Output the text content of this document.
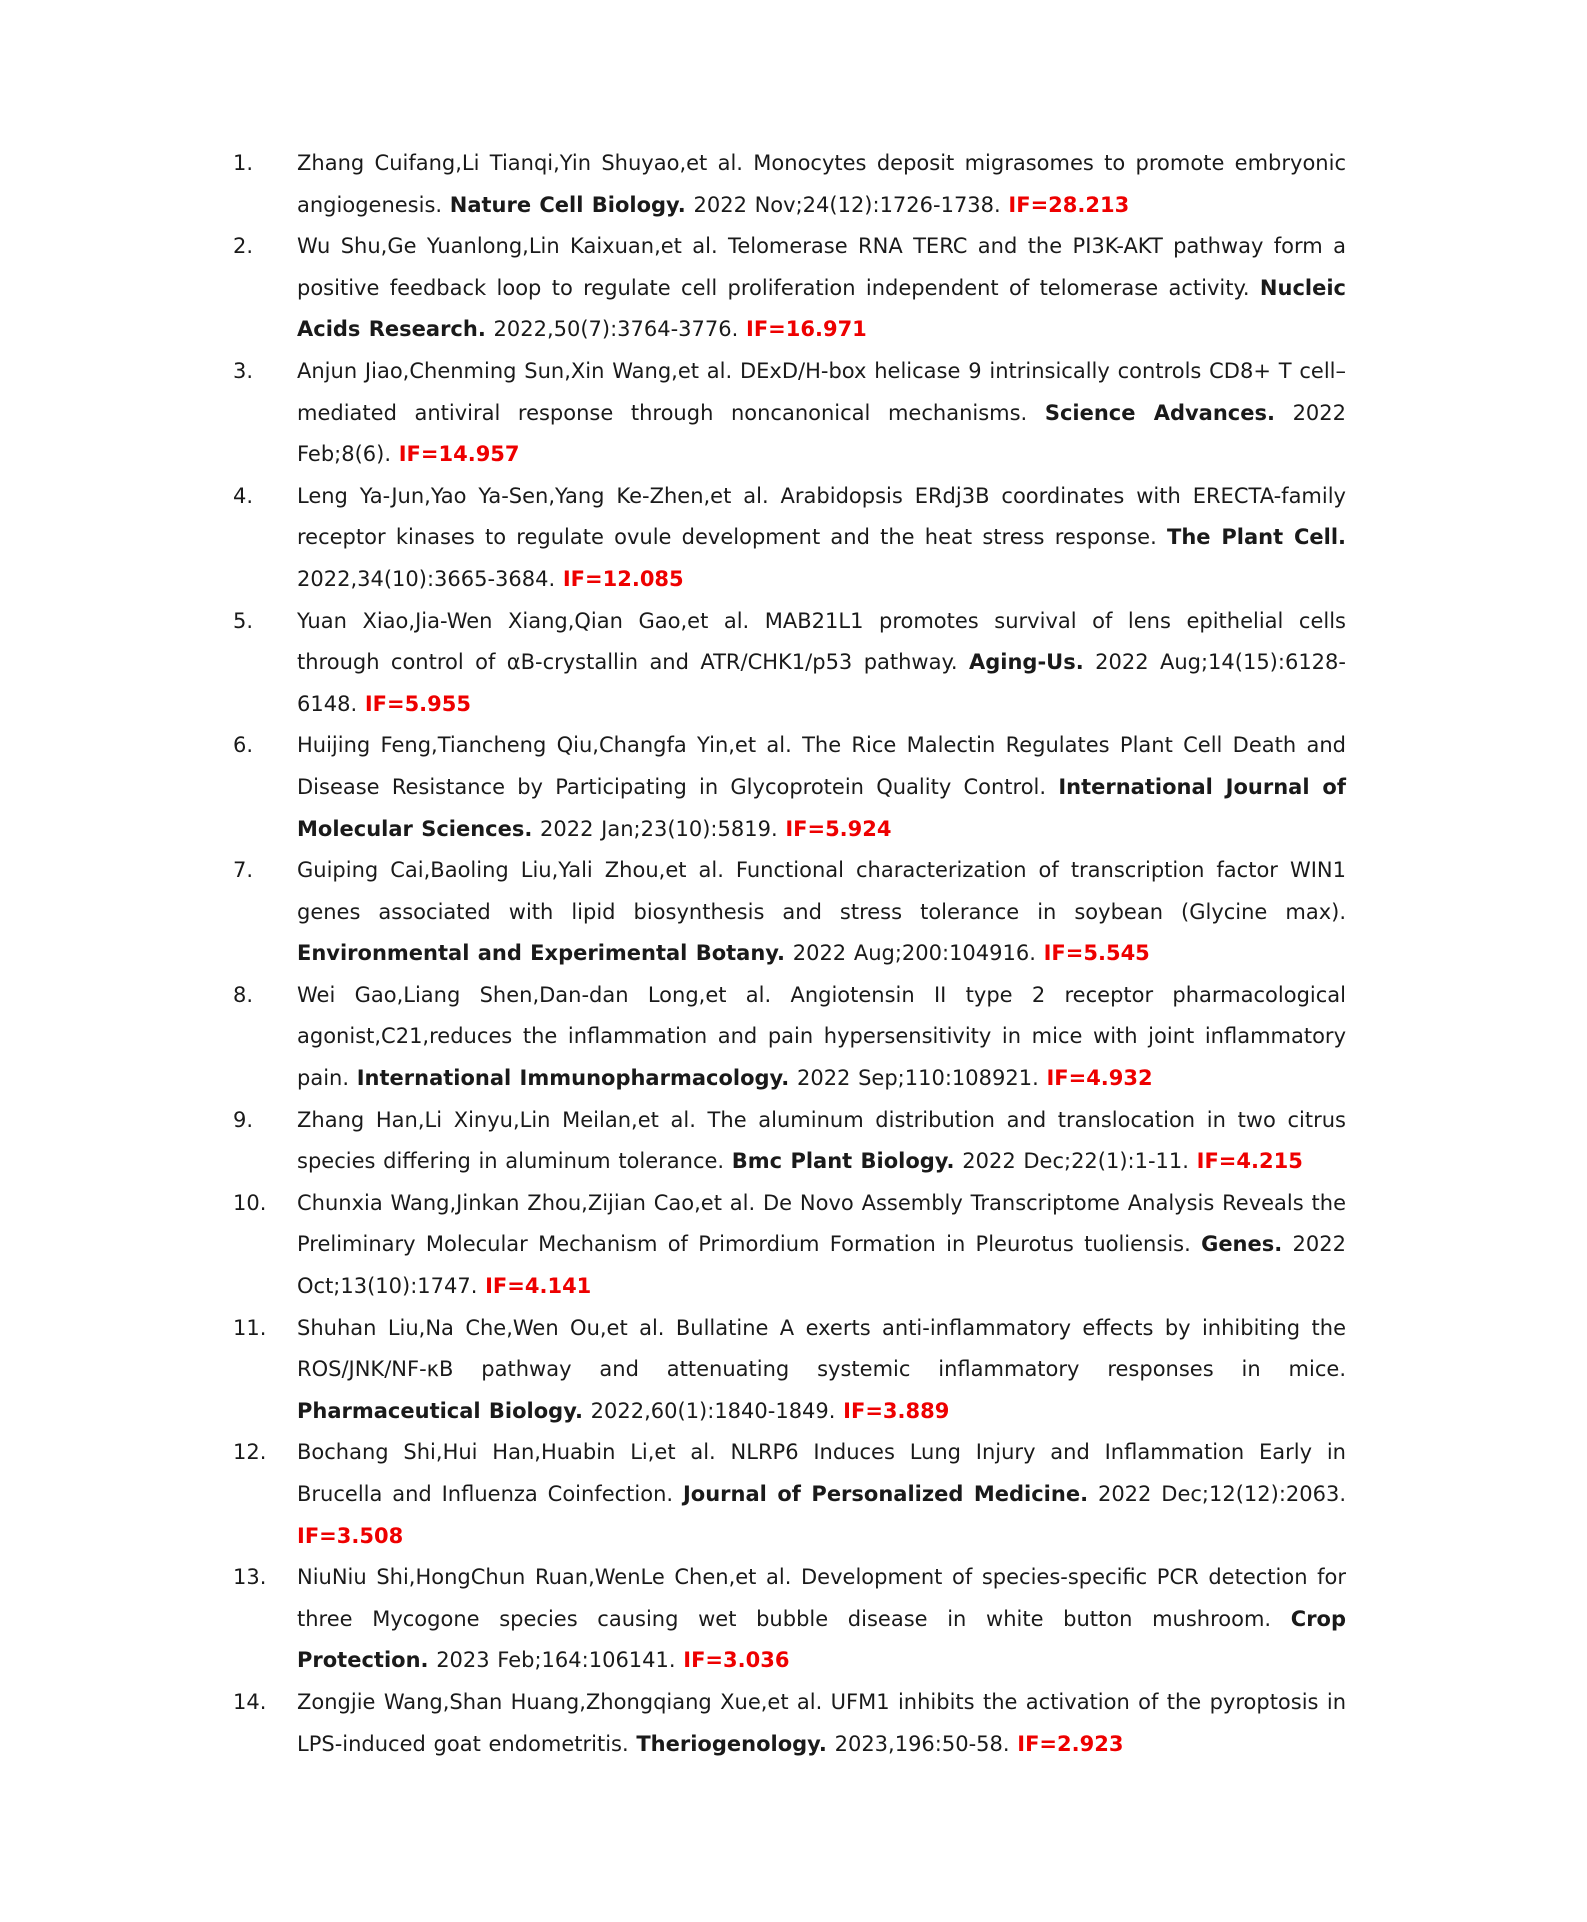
1.	Zhang Cuifang,Li Tianqi,Yin Shuyao,et al. Monocytes deposit migrasomes to promote embryonic angiogenesis. Nature Cell Biology. 2022 Nov;24(12):1726-1738. IF=28.213

2.	Wu Shu,Ge Yuanlong,Lin Kaixuan,et al. Telomerase RNA TERC and the PI3K-AKT pathway form a positive feedback loop to regulate cell proliferation independent of telomerase activity. Nucleic Acids Research. 2022,50(7):3764-3776. IF=16.971

3.	Anjun Jiao,Chenming Sun,Xin Wang,et al. DExD/H-box helicase 9 intrinsically controls CD8+ T cell–mediated antiviral response through noncanonical mechanisms. Science Advances. 2022 Feb;8(6). IF=14.957

4.	Leng Ya-Jun,Yao Ya-Sen,Yang Ke-Zhen,et al. Arabidopsis ERdj3B coordinates with ERECTA-family receptor kinases to regulate ovule development and the heat stress response. The Plant Cell. 2022,34(10):3665-3684. IF=12.085

5.	Yuan Xiao,Jia-Wen Xiang,Qian Gao,et al. MAB21L1 promotes survival of lens epithelial cells through control of αB-crystallin and ATR/CHK1/p53 pathway. Aging-Us. 2022 Aug;14(15):6128-6148. IF=5.955

6.	Huijing Feng,Tiancheng Qiu,Changfa Yin,et al. The Rice Malectin Regulates Plant Cell Death and Disease Resistance by Participating in Glycoprotein Quality Control. International Journal of Molecular Sciences. 2022 Jan;23(10):5819. IF=5.924

7.	Guiping Cai,Baoling Liu,Yali Zhou,et al. Functional characterization of transcription factor WIN1 genes associated with lipid biosynthesis and stress tolerance in soybean (Glycine max). Environmental and Experimental Botany. 2022 Aug;200:104916. IF=5.545

8.	Wei Gao,Liang Shen,Dan-dan Long,et al. Angiotensin II type 2 receptor pharmacological agonist,C21,reduces the inflammation and pain hypersensitivity in mice with joint inflammatory pain. International Immunopharmacology. 2022 Sep;110:108921. IF=4.932

9.	Zhang Han,Li Xinyu,Lin Meilan,et al. The aluminum distribution and translocation in two citrus species differing in aluminum tolerance. Bmc Plant Biology. 2022 Dec;22(1):1-11. IF=4.215

10.	Chunxia Wang,Jinkan Zhou,Zijian Cao,et al. De Novo Assembly Transcriptome Analysis Reveals the Preliminary Molecular Mechanism of Primordium Formation in Pleurotus tuoliensis. Genes. 2022 Oct;13(10):1747. IF=4.141

11.	Shuhan Liu,Na Che,Wen Ou,et al. Bullatine A exerts anti-inflammatory effects by inhibiting the ROS/JNK/NF-κB pathway and attenuating systemic inflammatory responses in mice. Pharmaceutical Biology. 2022,60(1):1840-1849. IF=3.889

12.	Bochang Shi,Hui Han,Huabin Li,et al. NLRP6 Induces Lung Injury and Inflammation Early in Brucella and Influenza Coinfection. Journal of Personalized Medicine. 2022 Dec;12(12):2063. IF=3.508

13.	NiuNiu Shi,HongChun Ruan,WenLe Chen,et al. Development of species-specific PCR detection for three Mycogone species causing wet bubble disease in white button mushroom. Crop Protection. 2023 Feb;164:106141. IF=3.036

14.	Zongjie Wang,Shan Huang,Zhongqiang Xue,et al. UFM1 inhibits the activation of the pyroptosis in LPS-induced goat endometritis. Theriogenology. 2023,196:50-58. IF=2.923
